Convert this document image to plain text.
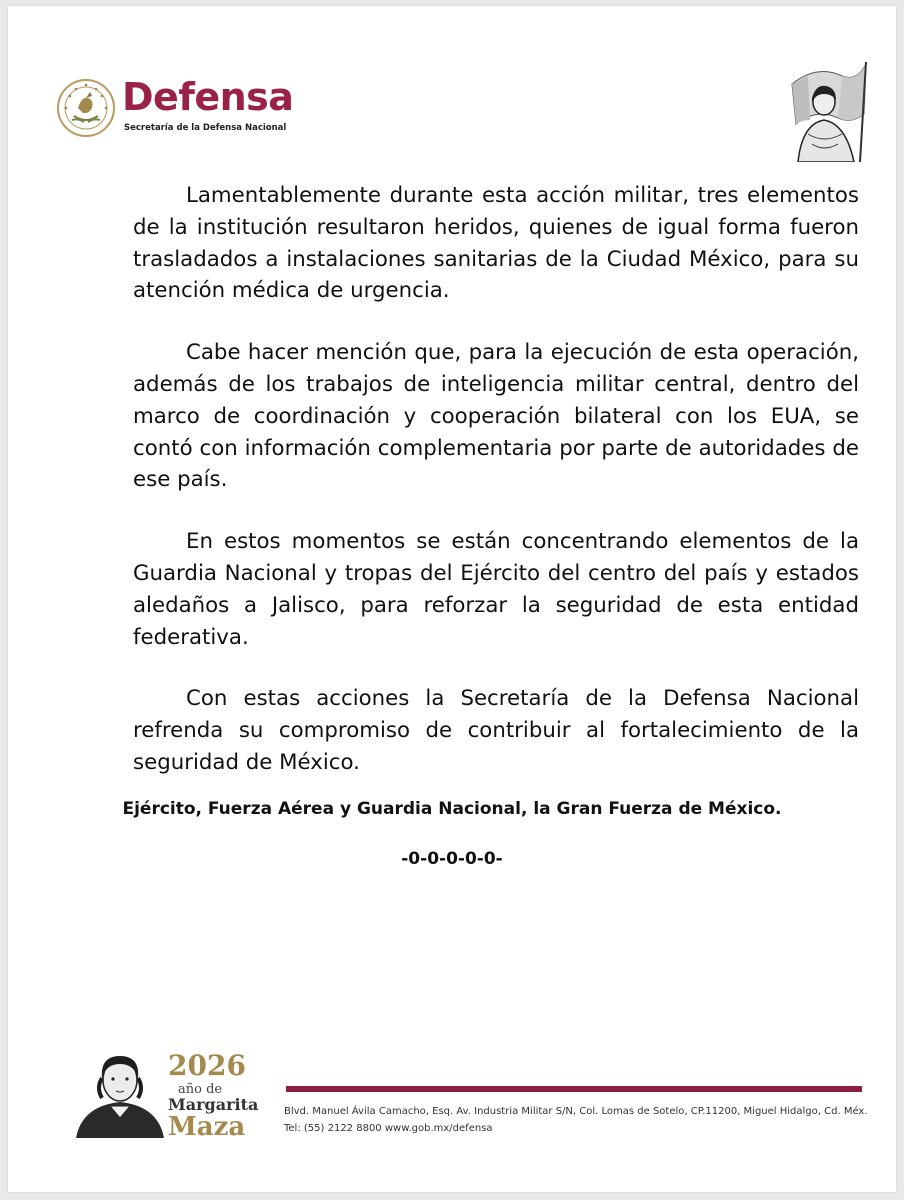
Defensa
Secretaría de la Defensa Nacional

Lamentablemente durante esta acción militar, tres elementos de la institución resultaron heridos, quienes de igual forma fueron trasladados a instalaciones sanitarias de la Ciudad México, para su atención médica de urgencia.

Cabe hacer mención que, para la ejecución de esta operación, además de los trabajos de inteligencia militar central, dentro del marco de coordinación y cooperación bilateral con los EUA, se contó con información complementaria por parte de autoridades de ese país.

En estos momentos se están concentrando elementos de la Guardia Nacional y tropas del Ejército del centro del país y estados aledaños a Jalisco, para reforzar la seguridad de esta entidad federativa.

Con estas acciones la Secretaría de la Defensa Nacional refrenda su compromiso de contribuir al fortalecimiento de la seguridad de México.

Ejército, Fuerza Aérea y Guardia Nacional, la Gran Fuerza de México.
-0-0-0-0-0-
2026
año de
Margarita
Maza
Blvd. Manuel Ávila Camacho, Esq. Av. Industria Militar S/N, Col. Lomas de Sotelo, CP.11200, Miguel Hidalgo, Cd. Méx.
Tel: (55) 2122 8800 www.gob.mx/defensa
